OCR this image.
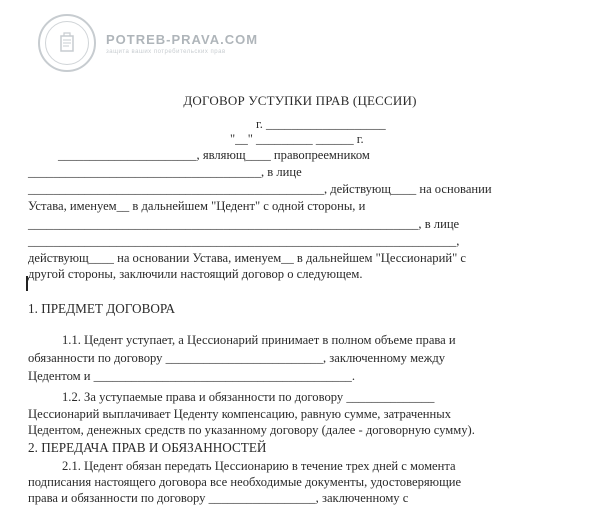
POTREB-PRAVA.COM
защита ваших потребительских прав
ДОГОВОР УСТУПКИ ПРАВ (ЦЕССИИ)
г. ___________________
"__" _________ ______ г.
______________________, являющ____ правопреемником
_____________________________________, в лице
_______________________________________________, действующ____ на основании
Устава, именуем__ в дальнейшем "Цедент" с одной стороны, и
______________________________________________________________, в лице
____________________________________________________________________,
действующ____ на основании Устава, именуем__ в дальнейшем "Цессионарий" с
другой стороны, заключили настоящий договор о следующем.
1. ПРЕДМЕТ ДОГОВОРА
1.1. Цедент уступает, а Цессионарий принимает в полном объеме права и
обязанности по договору _________________________, заключенному между
Цедентом и _________________________________________.
1.2. За уступаемые права и обязанности по договору ______________
Цессионарий выплачивает Цеденту компенсацию, равную сумме, затраченных
Цедентом, денежных средств по указанному договору (далее - договорную сумму).
2. ПЕРЕДАЧА ПРАВ И ОБЯЗАННОСТЕЙ
2.1. Цедент обязан передать Цессионарию в течение трех дней с момента
подписания настоящего договора все необходимые документы, удостоверяющие
права и обязанности по договору _________________, заключенному с
